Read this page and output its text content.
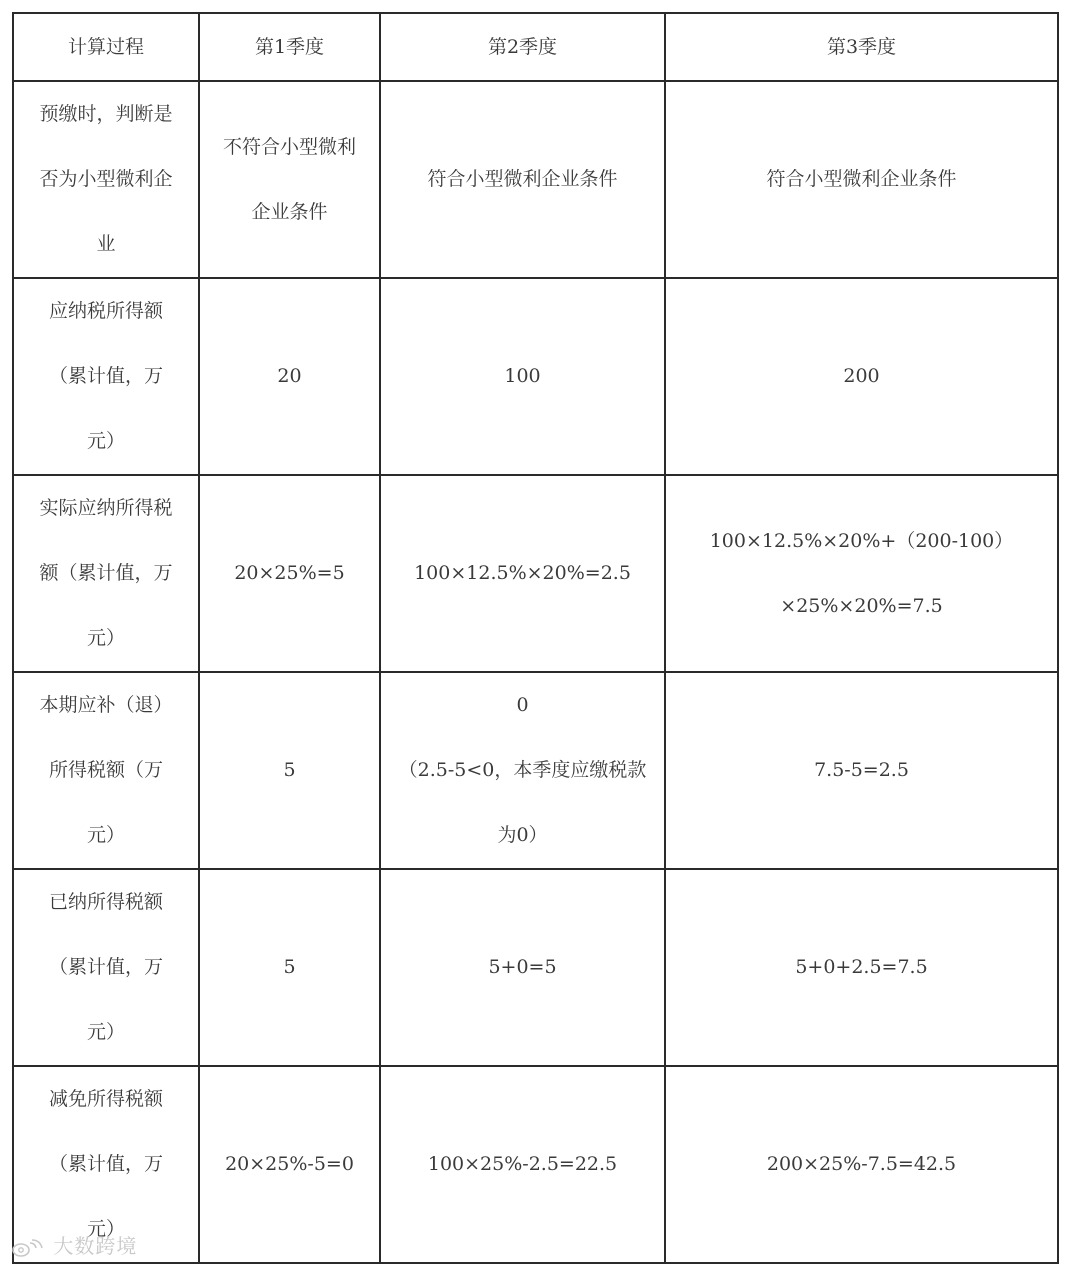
计算过程	第1季度	第2季度	第3季度

预缴时，判断是
否为小型微利企
业	不符合小型微利
企业条件	符合小型微利企业条件	符合小型微利企业条件

应纳税所得额
（累计值，万
元）	20	100	200

实际应纳所得税
额（累计值，万
元）	20×25%=5	100×12.5%×20%=2.5	100×12.5%×20%+（200-100）
×25%×20%=7.5

本期应补（退）
所得税额（万
元）	5	0
（2.5-5<0，本季度应缴税款
为0）	7.5-5=2.5

已纳所得税额
（累计值，万
元）	5	5+0=5	5+0+2.5=7.5

减免所得税额
（累计值，万
元）	20×25%-5=0	100×25%-2.5=22.5	200×25%-7.5=42.5
大数跨境
